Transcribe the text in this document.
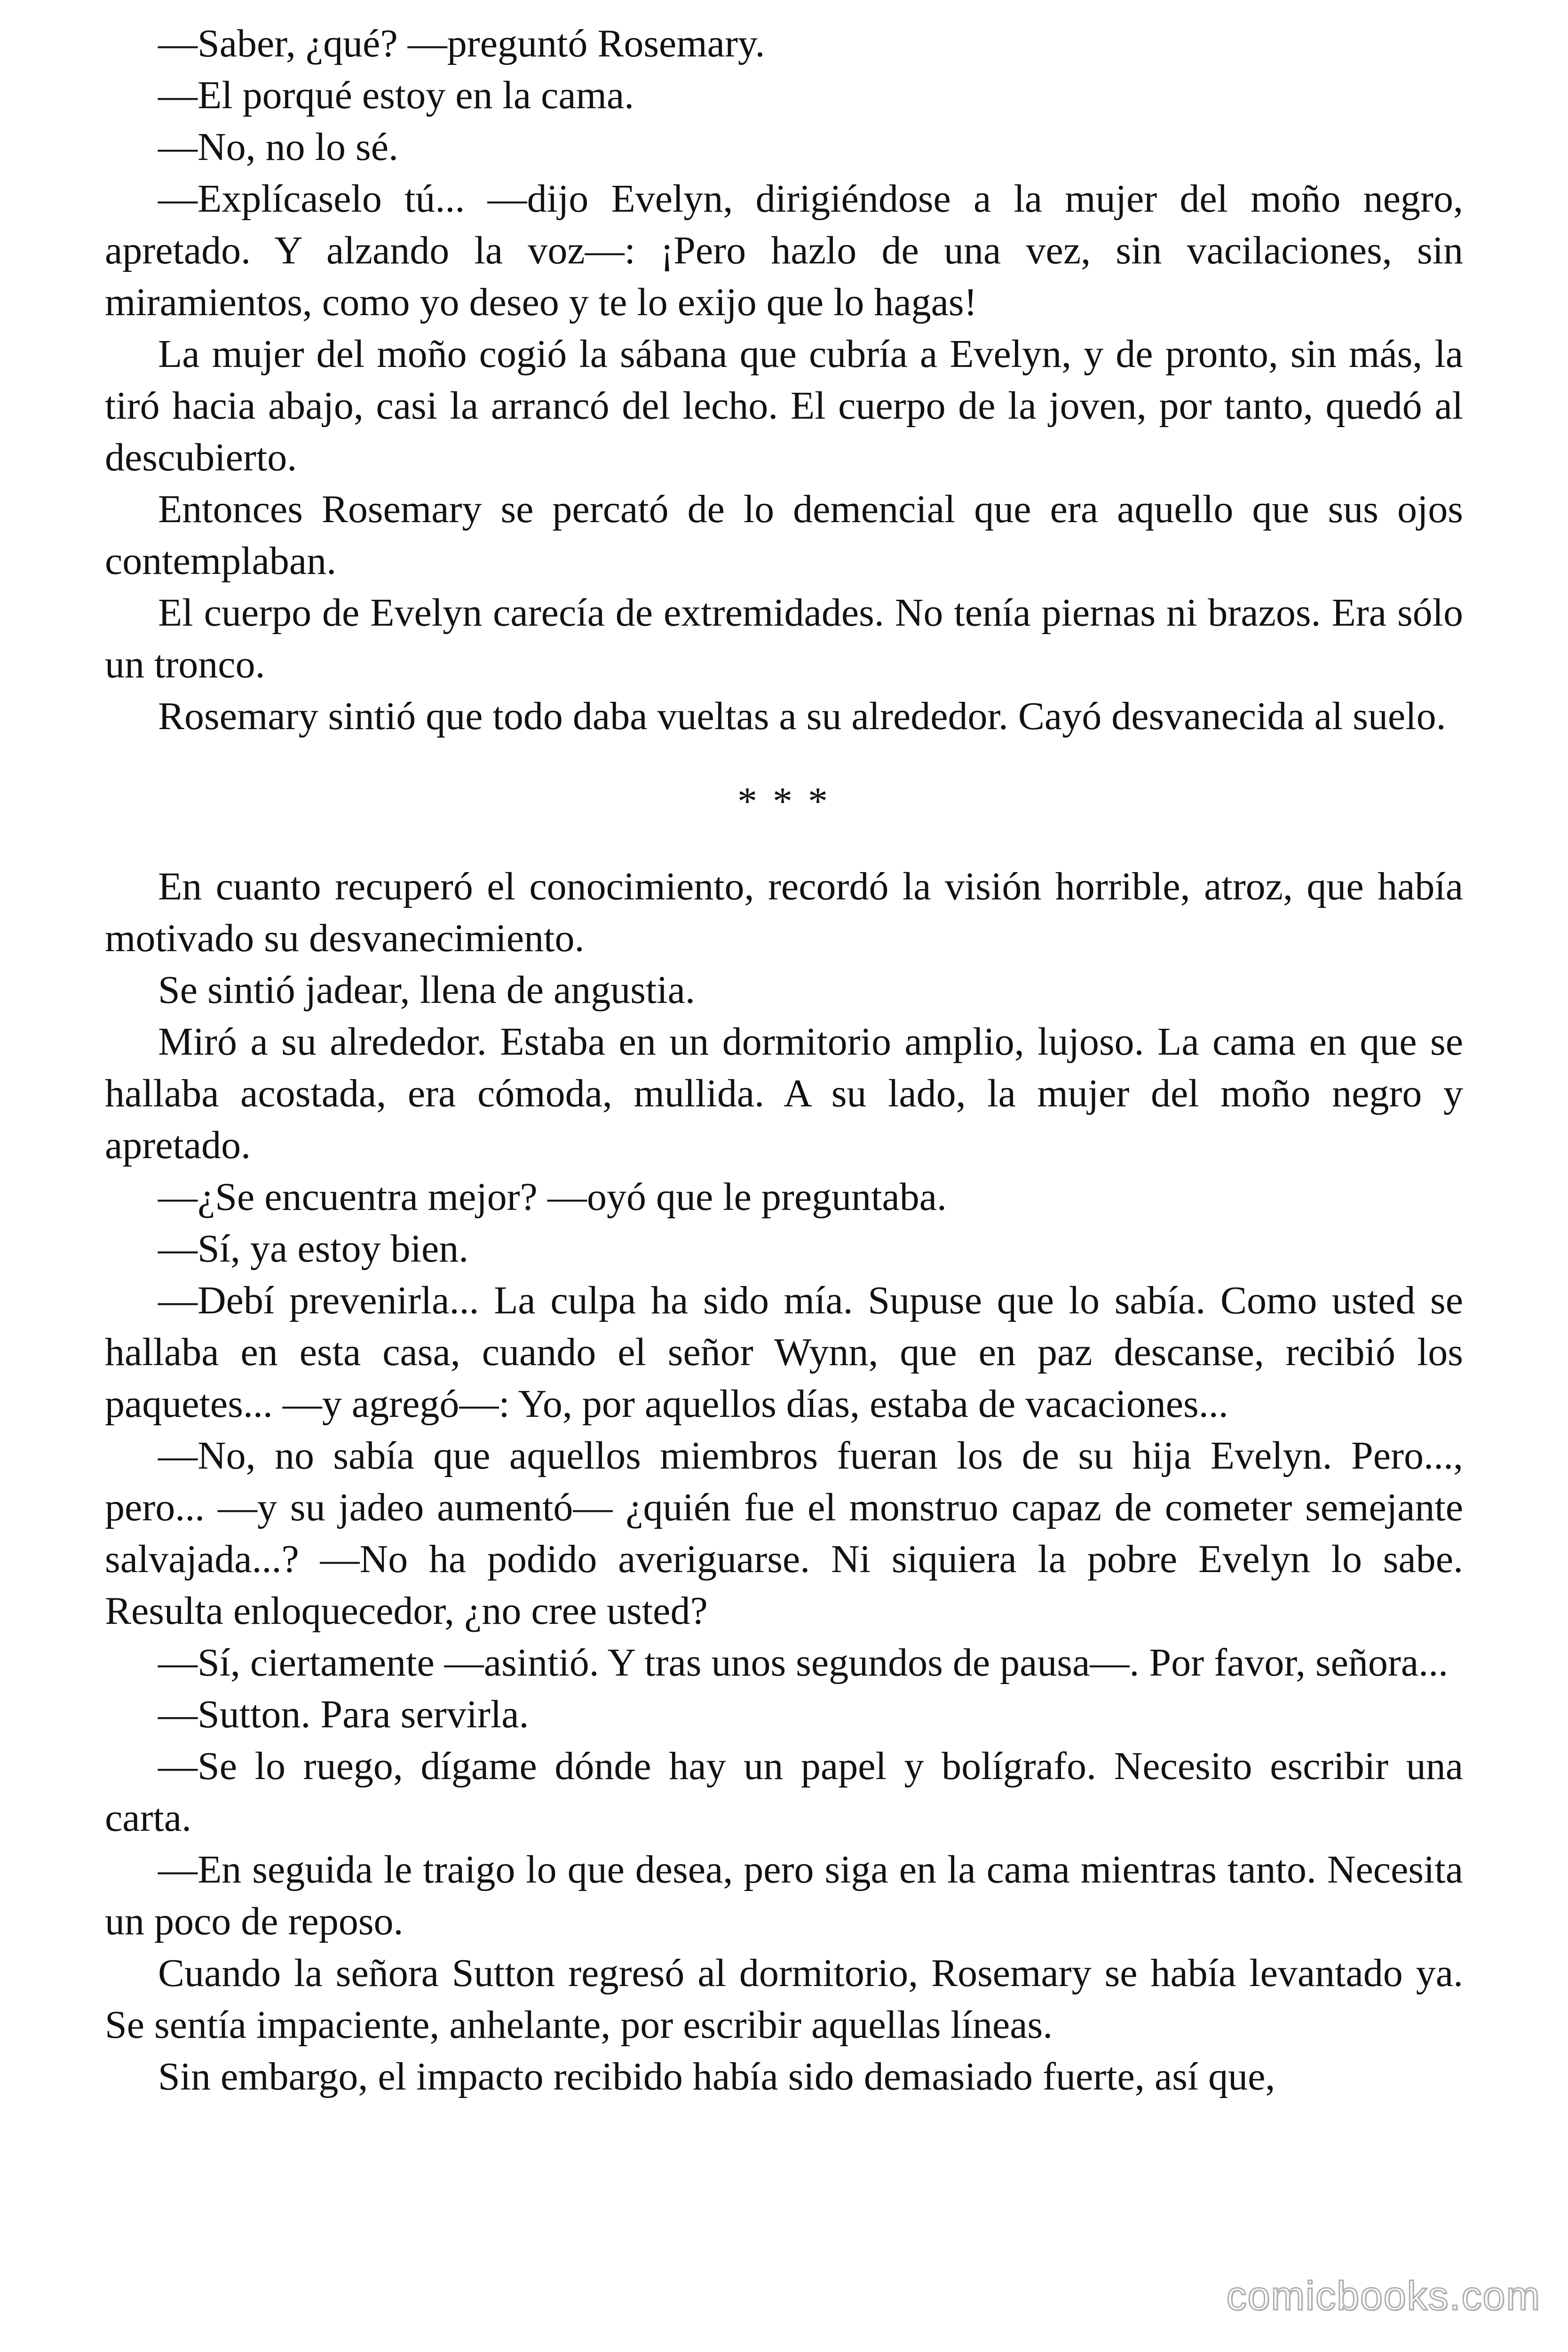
—Saber, ¿qué? —preguntó Rosemary.

—El porqué estoy en la cama.

—No, no lo sé.

—Explícaselo tú... —dijo Evelyn, dirigiéndose a la mujer del moño negro, apretado. Y alzando la voz—: ¡Pero hazlo de una vez, sin vacilaciones, sin miramientos, como yo deseo y te lo exijo que lo hagas!

La mujer del moño cogió la sábana que cubría a Evelyn, y de pronto, sin más, la tiró hacia abajo, casi la arrancó del lecho. El cuerpo de la joven, por tanto, quedó al descubierto.

Entonces Rosemary se percató de lo demencial que era aquello que sus ojos contemplaban.

El cuerpo de Evelyn carecía de extremidades. No tenía piernas ni brazos. Era sólo un tronco.

Rosemary sintió que todo daba vueltas a su alrededor. Cayó desvanecida al suelo.

* * *

En cuanto recuperó el conocimiento, recordó la visión horrible, atroz, que había motivado su desvanecimiento.

Se sintió jadear, llena de angustia.

Miró a su alrededor. Estaba en un dormitorio amplio, lujoso. La cama en que se hallaba acostada, era cómoda, mullida. A su lado, la mujer del moño negro y apretado.

—¿Se encuentra mejor? —oyó que le preguntaba.

—Sí, ya estoy bien.

—Debí prevenirla... La culpa ha sido mía. Supuse que lo sabía. Como usted se hallaba en esta casa, cuando el señor Wynn, que en paz descanse, recibió los paquetes... —y agregó—: Yo, por aquellos días, estaba de vacaciones...

—No, no sabía que aquellos miembros fueran los de su hija Evelyn. Pero..., pero... —y su jadeo aumentó— ¿quién fue el monstruo capaz de cometer semejante salvajada...? —No ha podido averiguarse. Ni siquiera la pobre Evelyn lo sabe. Resulta enloquecedor, ¿no cree usted?

—Sí, ciertamente —asintió. Y tras unos segundos de pausa—. Por favor, señora...

—Sutton. Para servirla.

—Se lo ruego, dígame dónde hay un papel y bolígrafo. Necesito escribir una carta.

—En seguida le traigo lo que desea, pero siga en la cama mientras tanto. Necesita un poco de reposo.

Cuando la señora Sutton regresó al dormitorio, Rosemary se había levantado ya. Se sentía impaciente, anhelante, por escribir aquellas líneas.

Sin embargo, el impacto recibido había sido demasiado fuerte, así que,

comicbooks.com
